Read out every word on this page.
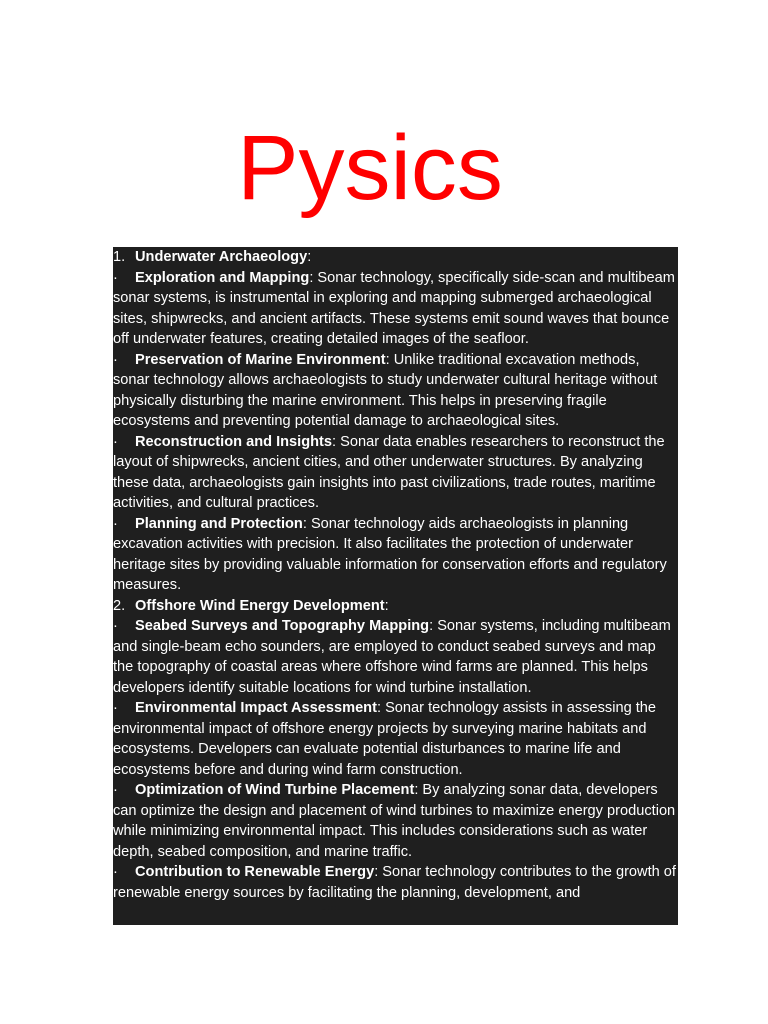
Pysics

1. Underwater Archaeology:

· Exploration and Mapping: Sonar technology, specifically side-scan and multibeam sonar systems, is instrumental in exploring and mapping submerged archaeological sites, shipwrecks, and ancient artifacts. These systems emit sound waves that bounce off underwater features, creating detailed images of the seafloor.

· Preservation of Marine Environment: Unlike traditional excavation methods, sonar technology allows archaeologists to study underwater cultural heritage without physically disturbing the marine environment. This helps in preserving fragile ecosystems and preventing potential damage to archaeological sites.

· Reconstruction and Insights: Sonar data enables researchers to reconstruct the layout of shipwrecks, ancient cities, and other underwater structures. By analyzing these data, archaeologists gain insights into past civilizations, trade routes, maritime activities, and cultural practices.

· Planning and Protection: Sonar technology aids archaeologists in planning excavation activities with precision. It also facilitates the protection of underwater heritage sites by providing valuable information for conservation efforts and regulatory measures.

2. Offshore Wind Energy Development:

· Seabed Surveys and Topography Mapping: Sonar systems, including multibeam and single-beam echo sounders, are employed to conduct seabed surveys and map the topography of coastal areas where offshore wind farms are planned. This helps developers identify suitable locations for wind turbine installation.

· Environmental Impact Assessment: Sonar technology assists in assessing the environmental impact of offshore energy projects by surveying marine habitats and ecosystems. Developers can evaluate potential disturbances to marine life and ecosystems before and during wind farm construction.

· Optimization of Wind Turbine Placement: By analyzing sonar data, developers can optimize the design and placement of wind turbines to maximize energy production while minimizing environmental impact. This includes considerations such as water depth, seabed composition, and marine traffic.

· Contribution to Renewable Energy: Sonar technology contributes to the growth of renewable energy sources by facilitating the planning, development, and
